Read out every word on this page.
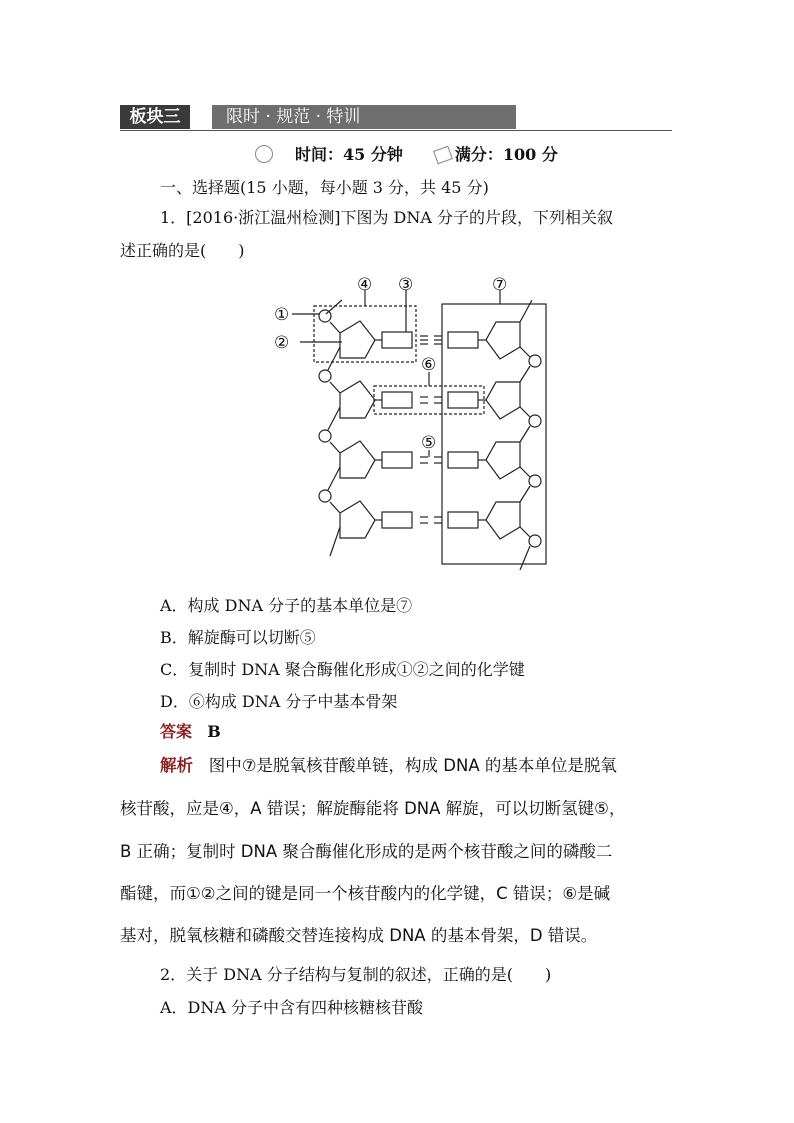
板块三	限时 · 规范 · 特训
时间：45 分钟	满分：100 分
一、选择题(15 小题，每小题 3 分，共 45 分)
1．[2016·浙江温州检测]下图为 DNA 分子的片段，下列相关叙
述正确的是(　　)
①
②
③
④
⑤
⑥
⑦
A．构成 DNA 分子的基本单位是⑦
B．解旋酶可以切断⑤
C．复制时 DNA 聚合酶催化形成①②之间的化学键
D．⑥构成 DNA 分子中基本骨架
答案 B
解析 图中⑦是脱氧核苷酸单链，构成 DNA 的基本单位是脱氧
核苷酸，应是④，A 错误；解旋酶能将 DNA 解旋，可以切断氢键⑤，
B 正确；复制时 DNA 聚合酶催化形成的是两个核苷酸之间的磷酸二
酯键，而①②之间的键是同一个核苷酸内的化学键，C 错误；⑥是碱
基对，脱氧核糖和磷酸交替连接构成 DNA 的基本骨架，D 错误。
2．关于 DNA 分子结构与复制的叙述，正确的是(　　)
A．DNA 分子中含有四种核糖核苷酸
